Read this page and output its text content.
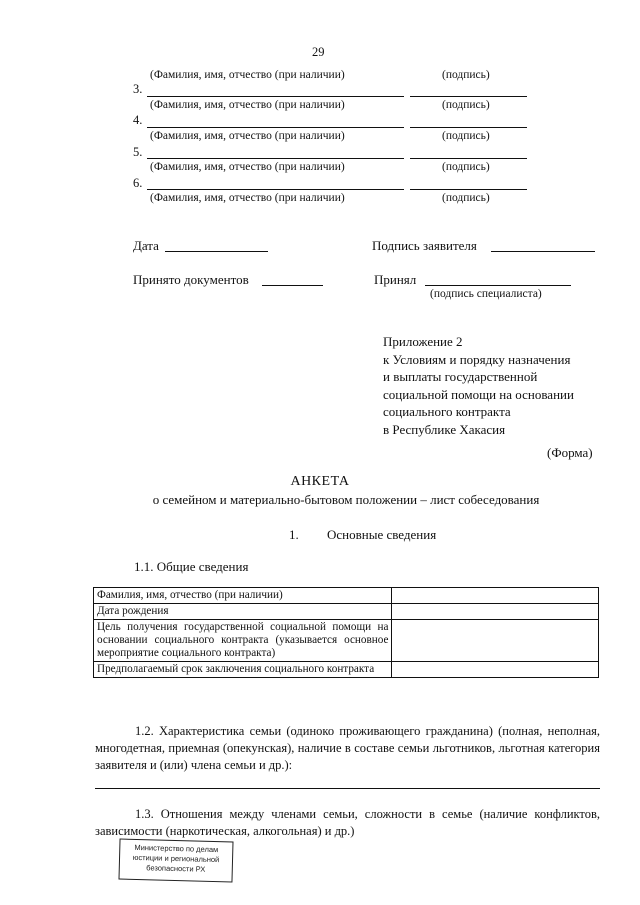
29
(Фамилия, имя, отчество (при наличии)	(подпись)
3.
(Фамилия, имя, отчество (при наличии)	(подпись)
4.
(Фамилия, имя, отчество (при наличии)	(подпись)
5.
(Фамилия, имя, отчество (при наличии)	(подпись)
6.
(Фамилия, имя, отчество (при наличии)	(подпись)
Дата	Подпись заявителя
Принято документов	Принял
(подпись специалиста)
Приложение 2
к Условиям и порядку назначения
и выплаты государственной
социальной помощи на основании
социального контракта
в Республике Хакасия
(Форма)
АНКЕТА
о семейном и материально-бытовом положении – лист собеседования
1. Основные сведения
1.1. Общие сведения
Фамилия, имя, отчество (при наличии)	
Дата рождения	
Цель получения государственной социальной помощи на основании социального контракта (указывается основное мероприятие социального контракта)	
Предполагаемый срок заключения социального контракта	
1.2. Характеристика семьи (одиноко проживающего гражданина) (полная, неполная, многодетная, приемная (опекунская), наличие в составе семьи льготников, льготная категория заявителя и (или) члена семьи и др.):
1.3. Отношения между членами семьи, сложности в семье (наличие конфликтов, зависимости (наркотическая, алкогольная) и др.)
Министерство по делам
юстиции и региональной
безопасности РХ
